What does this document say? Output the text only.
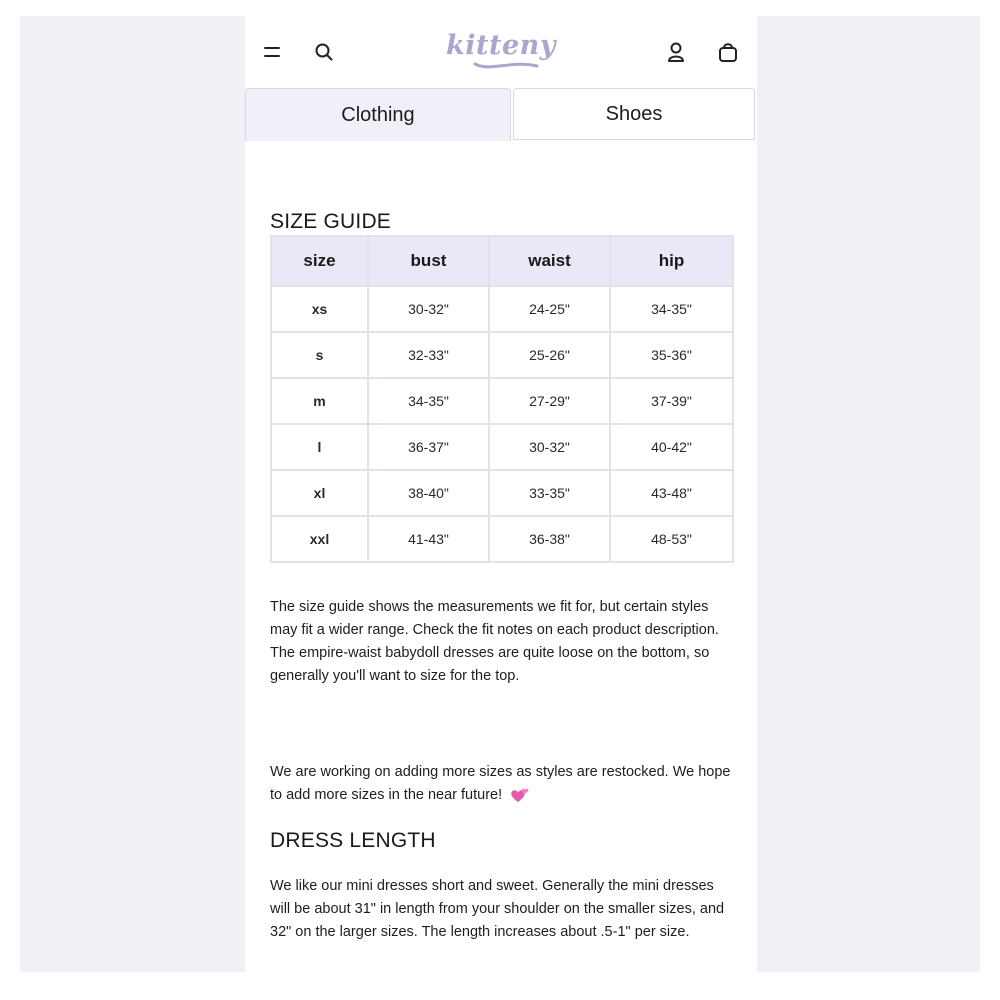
kitteny
Clothing	Shoes
SIZE GUIDE
size	bust	waist	hip
xs	30-32"	24-25"	34-35"
s	32-33"	25-26"	35-36"
m	34-35"	27-29"	37-39"
l	36-37"	30-32"	40-42"
xl	38-40"	33-35"	43-48"
xxl	41-43"	36-38"	48-53"
The size guide shows the measurements we fit for, but certain styles may fit a wider range. Check the fit notes on each product description. The empire-waist babydoll dresses are quite loose on the bottom, so generally you'll want to size for the top.
We are working on adding more sizes as styles are restocked. We hope to add more sizes in the near future!
DRESS LENGTH
We like our mini dresses short and sweet. Generally the mini dresses will be about 31" in length from your shoulder on the smaller sizes, and 32" on the larger sizes. The length increases about .5-1" per size.
